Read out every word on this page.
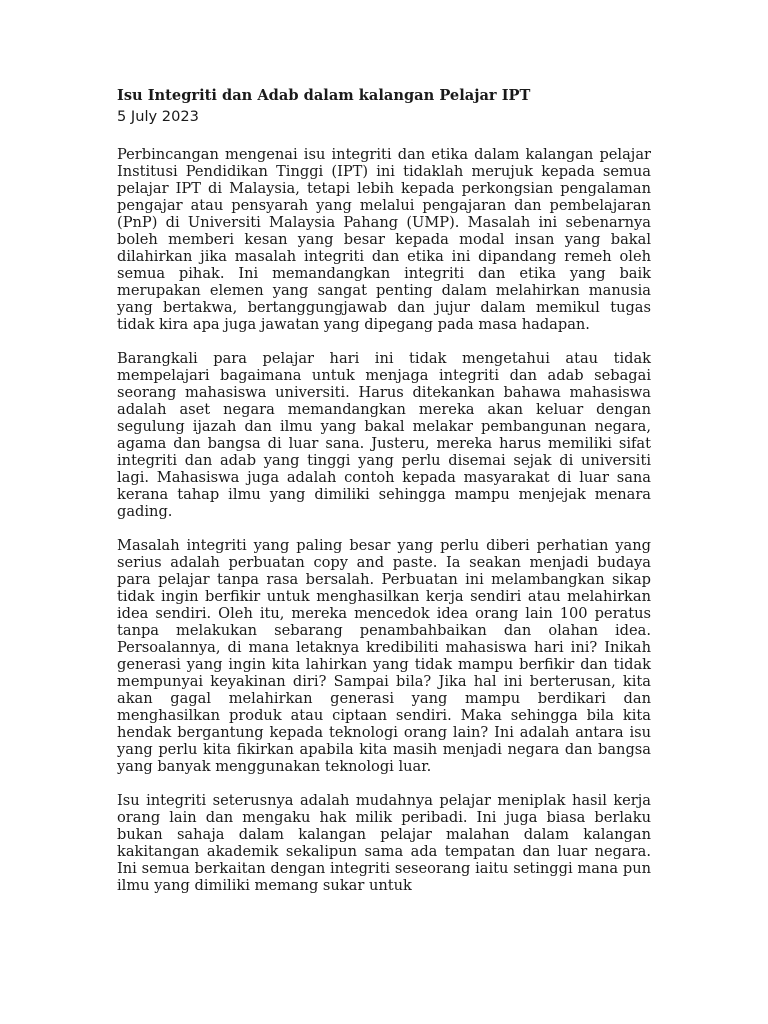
Isu Integriti dan Adab dalam kalangan Pelajar IPT
5 July 2023

Perbincangan mengenai isu integriti dan etika dalam kalangan pelajar Institusi Pendidikan Tinggi (IPT) ini tidaklah merujuk kepada semua pelajar IPT di Malaysia, tetapi lebih kepada perkongsian pengalaman pengajar atau pensyarah yang melalui pengajaran dan pembelajaran (PnP) di Universiti Malaysia Pahang (UMP). Masalah ini sebenarnya boleh memberi kesan yang besar kepada modal insan yang bakal dilahirkan jika masalah integriti dan etika ini dipandang remeh oleh semua pihak. Ini memandangkan integriti dan etika yang baik merupakan elemen yang sangat penting dalam melahirkan manusia yang bertakwa, bertanggungjawab dan jujur dalam memikul tugas tidak kira apa juga jawatan yang dipegang pada masa hadapan.

Barangkali para pelajar hari ini tidak mengetahui atau tidak mempelajari bagaimana untuk menjaga integriti dan adab sebagai seorang mahasiswa universiti. Harus ditekankan bahawa mahasiswa adalah aset negara memandangkan mereka akan keluar dengan segulung ijazah dan ilmu yang bakal melakar pembangunan negara, agama dan bangsa di luar sana. Justeru, mereka harus memiliki sifat integriti dan adab yang tinggi yang perlu disemai sejak di universiti lagi. Mahasiswa juga adalah contoh kepada masyarakat di luar sana kerana tahap ilmu yang dimiliki sehingga mampu menjejak menara gading.

Masalah integriti yang paling besar yang perlu diberi perhatian yang serius adalah perbuatan copy and paste. Ia seakan menjadi budaya para pelajar tanpa rasa bersalah. Perbuatan ini melambangkan sikap tidak ingin berfikir untuk menghasilkan kerja sendiri atau melahirkan idea sendiri. Oleh itu, mereka mencedok idea orang lain 100 peratus tanpa melakukan sebarang penambahbaikan dan olahan idea. Persoalannya, di mana letaknya kredibiliti mahasiswa hari ini? Inikah generasi yang ingin kita lahirkan yang tidak mampu berfikir dan tidak mempunyai keyakinan diri? Sampai bila? Jika hal ini berterusan, kita akan gagal melahirkan generasi yang mampu berdikari dan menghasilkan produk atau ciptaan sendiri. Maka sehingga bila kita hendak bergantung kepada teknologi orang lain? Ini adalah antara isu yang perlu kita fikirkan apabila kita masih menjadi negara dan bangsa yang banyak menggunakan teknologi luar.

Isu integriti seterusnya adalah mudahnya pelajar meniplak hasil kerja orang lain dan mengaku hak milik peribadi. Ini juga biasa berlaku bukan sahaja dalam kalangan pelajar malahan dalam kalangan kakitangan akademik sekalipun sama ada tempatan dan luar negara. Ini semua berkaitan dengan integriti seseorang iaitu setinggi mana pun ilmu yang dimiliki memang sukar untuk
